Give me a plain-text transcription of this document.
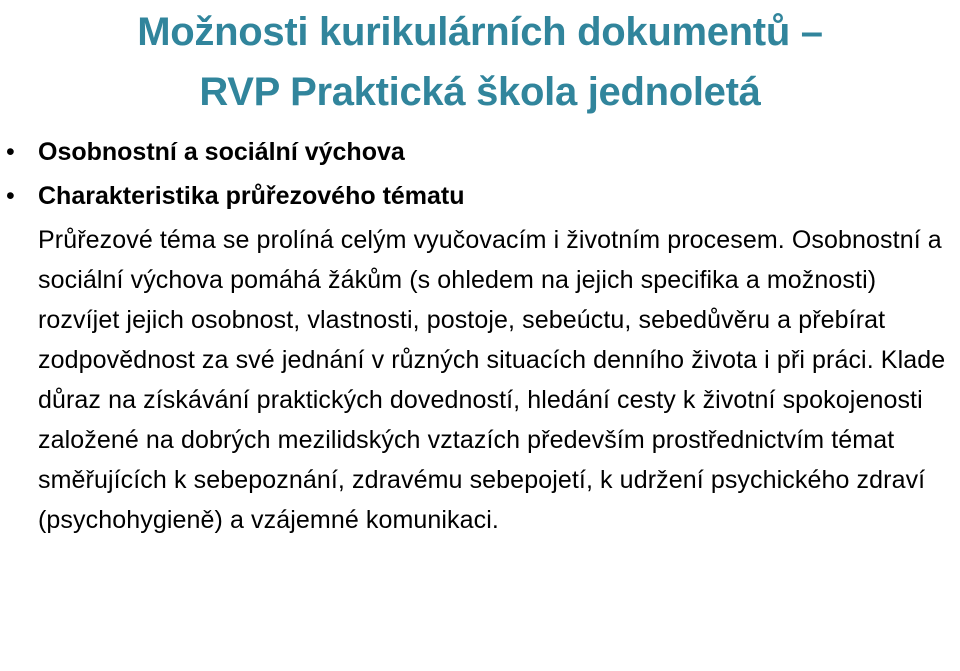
Možnosti kurikulárních dokumentů –
RVP Praktická škola jednoletá
• Osobnostní a sociální výchova
• Charakteristika průřezového tématu

Průřezové téma se prolíná celým vyučovacím i životním procesem. Osobnostní a sociální výchova pomáhá žákům (s ohledem na jejich specifika a možnosti) rozvíjet jejich osobnost, vlastnosti, postoje, sebeúctu, sebedůvěru a přebírat zodpovědnost za své jednání v různých situacích denního života i při práci. Klade důraz na získávání praktických dovedností, hledání cesty k životní spokojenosti založené na dobrých mezilidských vztazích především prostřednictvím témat směřujících k sebepoznání, zdravému sebepojetí, k udržení psychického zdraví (psychohygieně) a vzájemné komunikaci.
